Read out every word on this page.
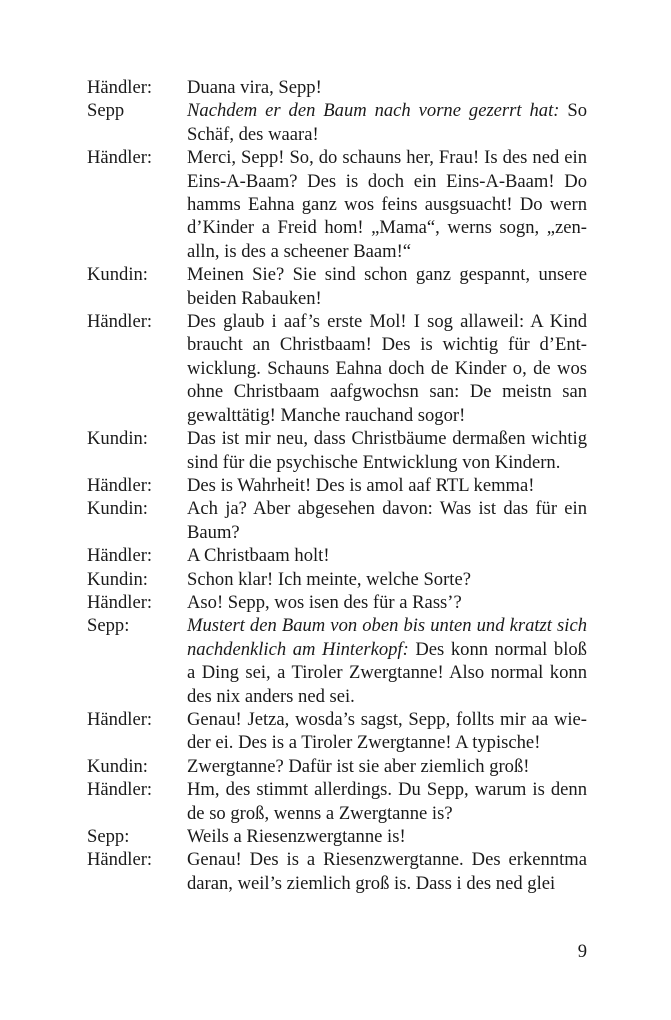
Händler:	Duana vira, Sepp!
Sepp	Nachdem er den Baum nach vorne gezerrt hat: So Schäf, des waara!
Händler:	Merci, Sepp! So, do schauns her, Frau! Is des ned ein Eins-A-Baam? Des is doch ein Eins-A-Baam! Do hamms Eahna ganz wos feins ausgsuacht! Do wern d’Kinder a Freid hom! „Mama“, werns sogn, „zenalln, is des a scheener Baam!“
Kundin:	Meinen Sie? Sie sind schon ganz gespannt, unsere beiden Rabauken!
Händler:	Des glaub i aaf’s erste Mol! I sog allaweil: A Kind braucht an Christbaam! Des is wichtig für d’Entwicklung. Schauns Eahna doch de Kinder o, de wos ohne Christbaam aafgwochsn san: De meistn san gewalttätig! Manche rauchand sogor!
Kundin:	Das ist mir neu, dass Christbäume dermaßen wichtig sind für die psychische Entwicklung von Kindern.
Händler:	Des is Wahrheit! Des is amol aaf RTL kemma!
Kundin:	Ach ja? Aber abgesehen davon: Was ist das für ein Baum?
Händler:	A Christbaam holt!
Kundin:	Schon klar! Ich meinte, welche Sorte?
Händler:	Aso! Sepp, wos isen des für a Rass’?
Sepp:	Mustert den Baum von oben bis unten und kratzt sich nachdenklich am Hinterkopf: Des konn normal bloß a Ding sei, a Tiroler Zwergtanne! Also normal konn des nix anders ned sei.
Händler:	Genau! Jetza, wosda’s sagst, Sepp, follts mir aa wieder ei. Des is a Tiroler Zwergtanne! A typische!
Kundin:	Zwergtanne? Dafür ist sie aber ziemlich groß!
Händler:	Hm, des stimmt allerdings. Du Sepp, warum is denn de so groß, wenns a Zwergtanne is?
Sepp:	Weils a Riesenzwergtanne is!
Händler:	Genau! Des is a Riesenzwergtanne. Des erkenntma daran, weil’s ziemlich groß is. Dass i des ned glei
9
